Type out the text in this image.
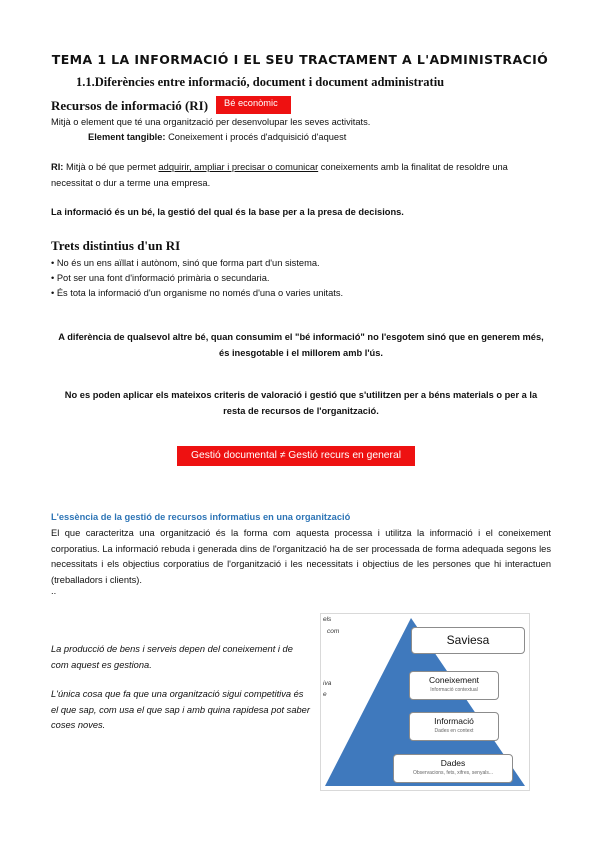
TEMA 1 LA INFORMACIÓ I EL SEU TRACTAMENT A L'ADMINISTRACIÓ
1.1.Diferències entre informació, document i document administratiu
Recursos de informació (RI)	Bé econòmic
Mitjà o element que té una organització per desenvolupar les seves activitats.
Element tangible: Coneixement i procés d'adquisició d'aquest
RI: Mitjà o bé que permet adquirir, ampliar i precisar o comunicar coneixements amb la finalitat de resoldre una necessitat o dur a terme una empresa.
La informació és un bé, la gestió del qual és la base per a la presa de decisions.
Trets distintius d'un RI
• No és un ens aïllat i autònom, sinó que forma part d'un sistema.
• Pot ser una font d'informació primària o secundaria.
• És tota la informació d'un organisme no només d'una o varies unitats.
A diferència de qualsevol altre bé, quan consumim el "bé informació" no l'esgotem sinó que en generem més, és inesgotable i el millorem amb l'ús.
No es poden aplicar els mateixos criteris de valoració i gestió que s'utilitzen per a béns materials o per a la resta de recursos de l'organització.
Gestió documental ≠ Gestió recurs en general
L'essència de la gestió de recursos informatius en una organització
El que caracteritza una organització és la forma com aquesta processa i utilitza la informació i el coneixement corporatius. La informació rebuda i generada dins de l'organització ha de ser processada de forma adequada segons les necessitats i els objectius corporatius de l'organització i les necessitats i objectius de les persones que hi interactuen (treballadors i clients).
..
La producció de bens i serveis depen del coneixement i de com aquest es gestiona.
L'única cosa que fa que una organització sigui competitiva és el que sap, com usa el que sap i amb quina rapidesa pot saber coses noves.
els
com
iva
e
Saviesa
Coneixement
Informació contextual
Informació
Dades en context
Dades
Observacions, fets, xifres, senyals...
